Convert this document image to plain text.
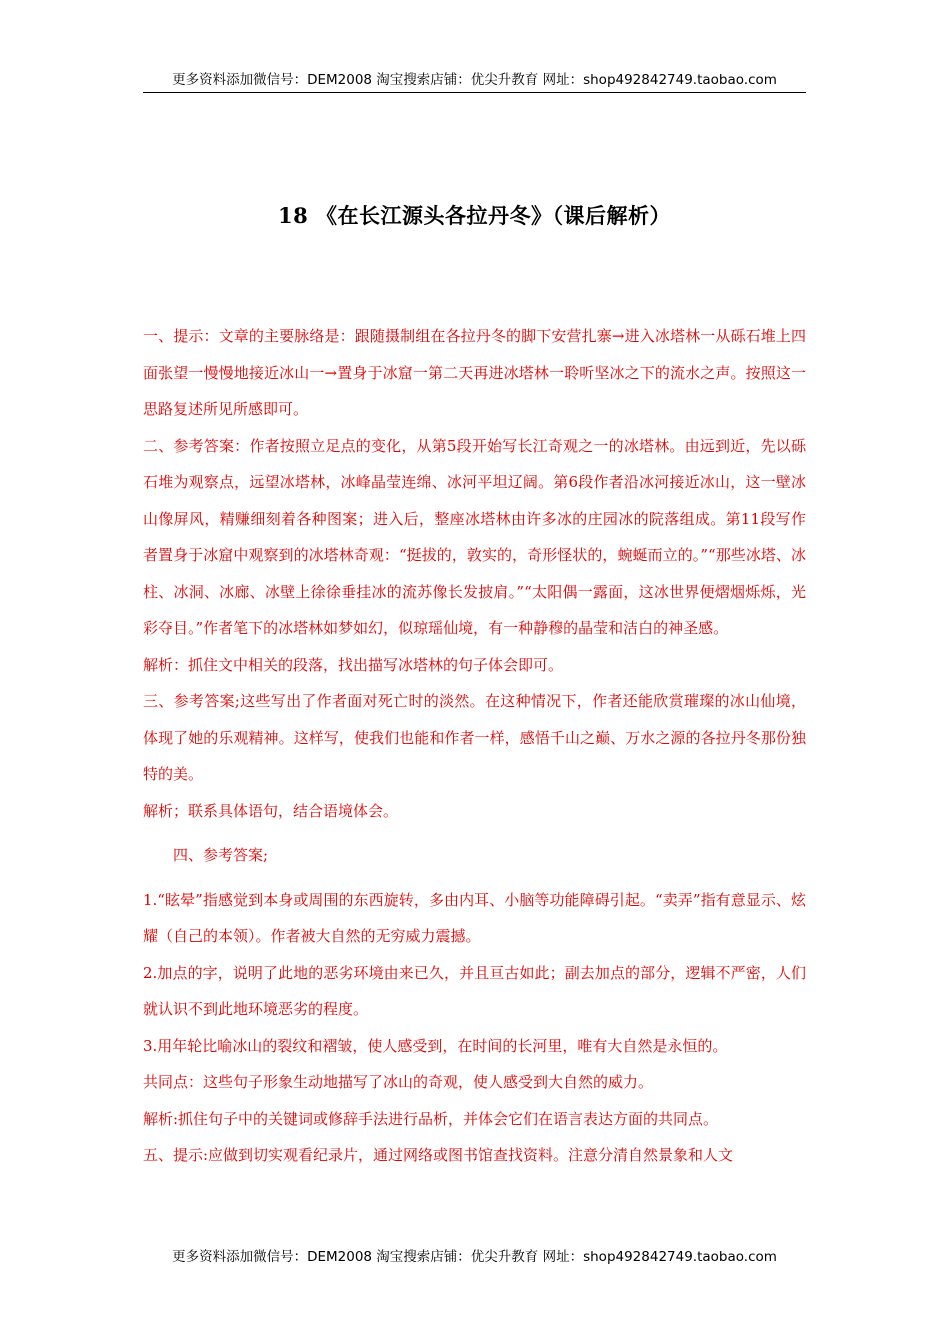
更多资料添加微信号：DEM2008 淘宝搜索店铺：优尖升教育 网址：shop492842749.taobao.com
18 《在长江源头各拉丹冬》（课后解析）

一、提示：文章的主要脉络是：跟随摄制组在各拉丹冬的脚下安营扎寨→进入冰塔林一从砾石堆上四面张望一慢慢地接近冰山一→置身于冰窟一第二天再进冰塔林一聆听坚冰之下的流水之声。按照这一思路复述所见所感即可。

二、参考答案：作者按照立足点的变化，从第5段开始写长江奇观之一的冰塔林。由远到近，先以砾石堆为观察点，远望冰塔林，冰峰晶莹连绵、冰河平坦辽阔。第6段作者沿冰河接近冰山，这一壁冰山像屏风，精赚细刻着各种图案；进入后，整座冰塔林由许多冰的庄园冰的院落组成。第11段写作者置身于冰窟中观察到的冰塔林奇观：“挺拔的，敦实的，奇形怪状的，蜿蜒而立的。”“那些冰塔、冰柱、冰洞、冰廊、冰壁上徐徐垂挂冰的流苏像长发披肩。”“太阳偶一露面，这冰世界便熠烟烁烁，光彩夺目。”作者笔下的冰塔林如梦如幻，似琼瑶仙境，有一种静穆的晶莹和洁白的神圣感。

解析：抓住文中相关的段落，找出描写冰塔林的句子体会即可。

三、参考答案;这些写出了作者面对死亡时的淡然。在这种情况下，作者还能欣赏璀璨的冰山仙境，体现了她的乐观精神。这样写，使我们也能和作者一样，感悟千山之巅、万水之源的各拉丹冬那份独特的美。

解析；联系具体语句，结合语境体会。

四、参考答案;

1.“眩晕”指感觉到本身或周围的东西旋转，多由内耳、小脑等功能障碍引起。“卖弄”指有意显示、炫耀（自己的本领）。作者被大自然的无穷威力震撼。

2.加点的字，说明了此地的恶劣环境由来已久，并且亘古如此；副去加点的部分，逻辑不严密，人们就认识不到此地环境恶劣的程度。

3.用年轮比喻冰山的裂纹和褶皱，使人感受到，在时间的长河里，唯有大自然是永恒的。

共同点：这些句子形象生动地描写了冰山的奇观，使人感受到大自然的威力。

解析:抓住句子中的关键词或修辞手法进行品析，并体会它们在语言表达方面的共同点。

五、提示:应做到切实观看纪录片，通过网络或图书馆查找资料。注意分清自然景象和人文

更多资料添加微信号：DEM2008 淘宝搜索店铺：优尖升教育 网址：shop492842749.taobao.com
